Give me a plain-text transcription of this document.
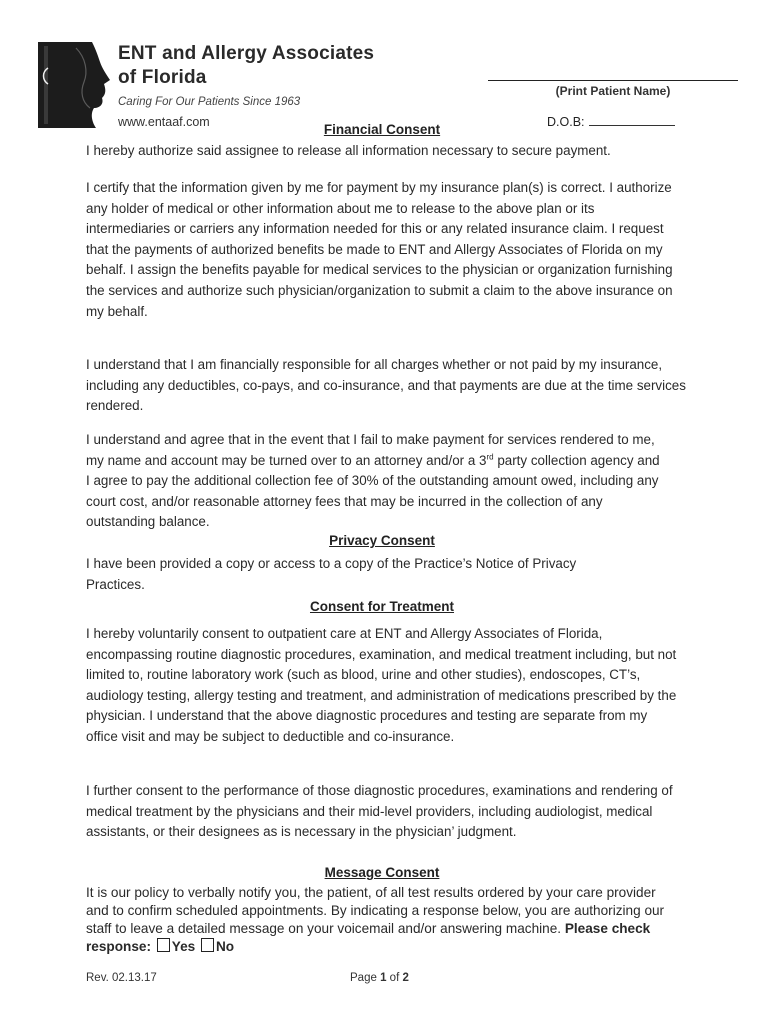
ENT and Allergy Associates
of Florida
Caring For Our Patients Since 1963
www.entaaf.com
(Print Patient Name)
D.O.B:
Financial Consent
I hereby authorize said assignee to release all information necessary to secure payment.
I certify that the information given by me for payment by my insurance plan(s) is correct. I authorize any holder of medical or other information about me to release to the above plan or its intermediaries or carriers any information needed for this or any related insurance claim. I request that the payments of authorized benefits be made to ENT and Allergy Associates of Florida on my behalf. I assign the benefits payable for medical services to the physician or organization furnishing the services and authorize such physician/organization to submit a claim to the above insurance on my behalf.
I understand that I am financially responsible for all charges whether or not paid by my insurance, including any deductibles, co-pays, and co-insurance, and that payments are due at the time services rendered.
I understand and agree that in the event that I fail to make payment for services rendered to me, my name and account may be turned over to an attorney and/or a 3rd party collection agency and I agree to pay the additional collection fee of 30% of the outstanding amount owed, including any court cost, and/or reasonable attorney fees that may be incurred in the collection of any outstanding balance.
Privacy Consent
I have been provided a copy or access to a copy of the Practice’s Notice of Privacy Practices.
Consent for Treatment
I hereby voluntarily consent to outpatient care at ENT and Allergy Associates of Florida, encompassing routine diagnostic procedures, examination, and medical treatment including, but not limited to, routine laboratory work (such as blood, urine and other studies), endoscopes, CT’s, audiology testing, allergy testing and treatment, and administration of medications prescribed by the physician. I understand that the above diagnostic procedures and testing are separate from my office visit and may be subject to deductible and co-insurance.
I further consent to the performance of those diagnostic procedures, examinations and rendering of medical treatment by the physicians and their mid-level providers, including audiologist, medical assistants, or their designees as is necessary in the physician’ judgment.
Message Consent
It is our policy to verbally notify you, the patient, of all test results ordered by your care provider and to confirm scheduled appointments. By indicating a response below, you are authorizing our staff to leave a detailed message on your voicemail and/or answering machine. Please check response: Yes No
Rev. 02.13.17	Page 1 of 2
